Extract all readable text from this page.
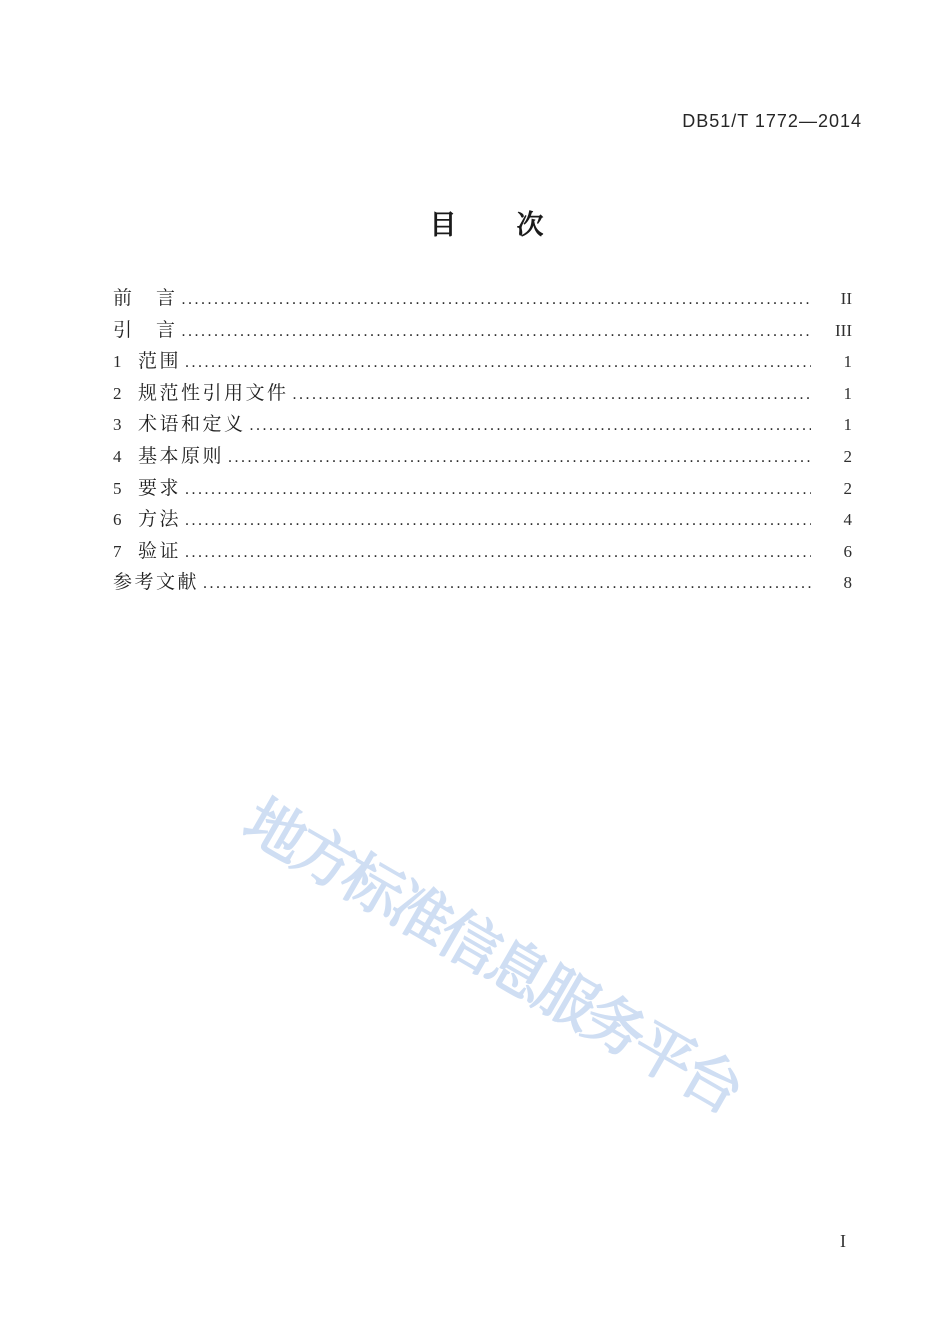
DB51/T 1772—2014
目　　次
前　言 .....	II
引　言 .....	III
1 范围 .....	1
2 规范性引用文件 .....	1
3 术语和定义 .....	1
4 基本原则 .....	2
5 要求 .....	2
6 方法 .....	4
7 验证 .....	6
参考文献 .....	8
地方标准信息服务平台
I
